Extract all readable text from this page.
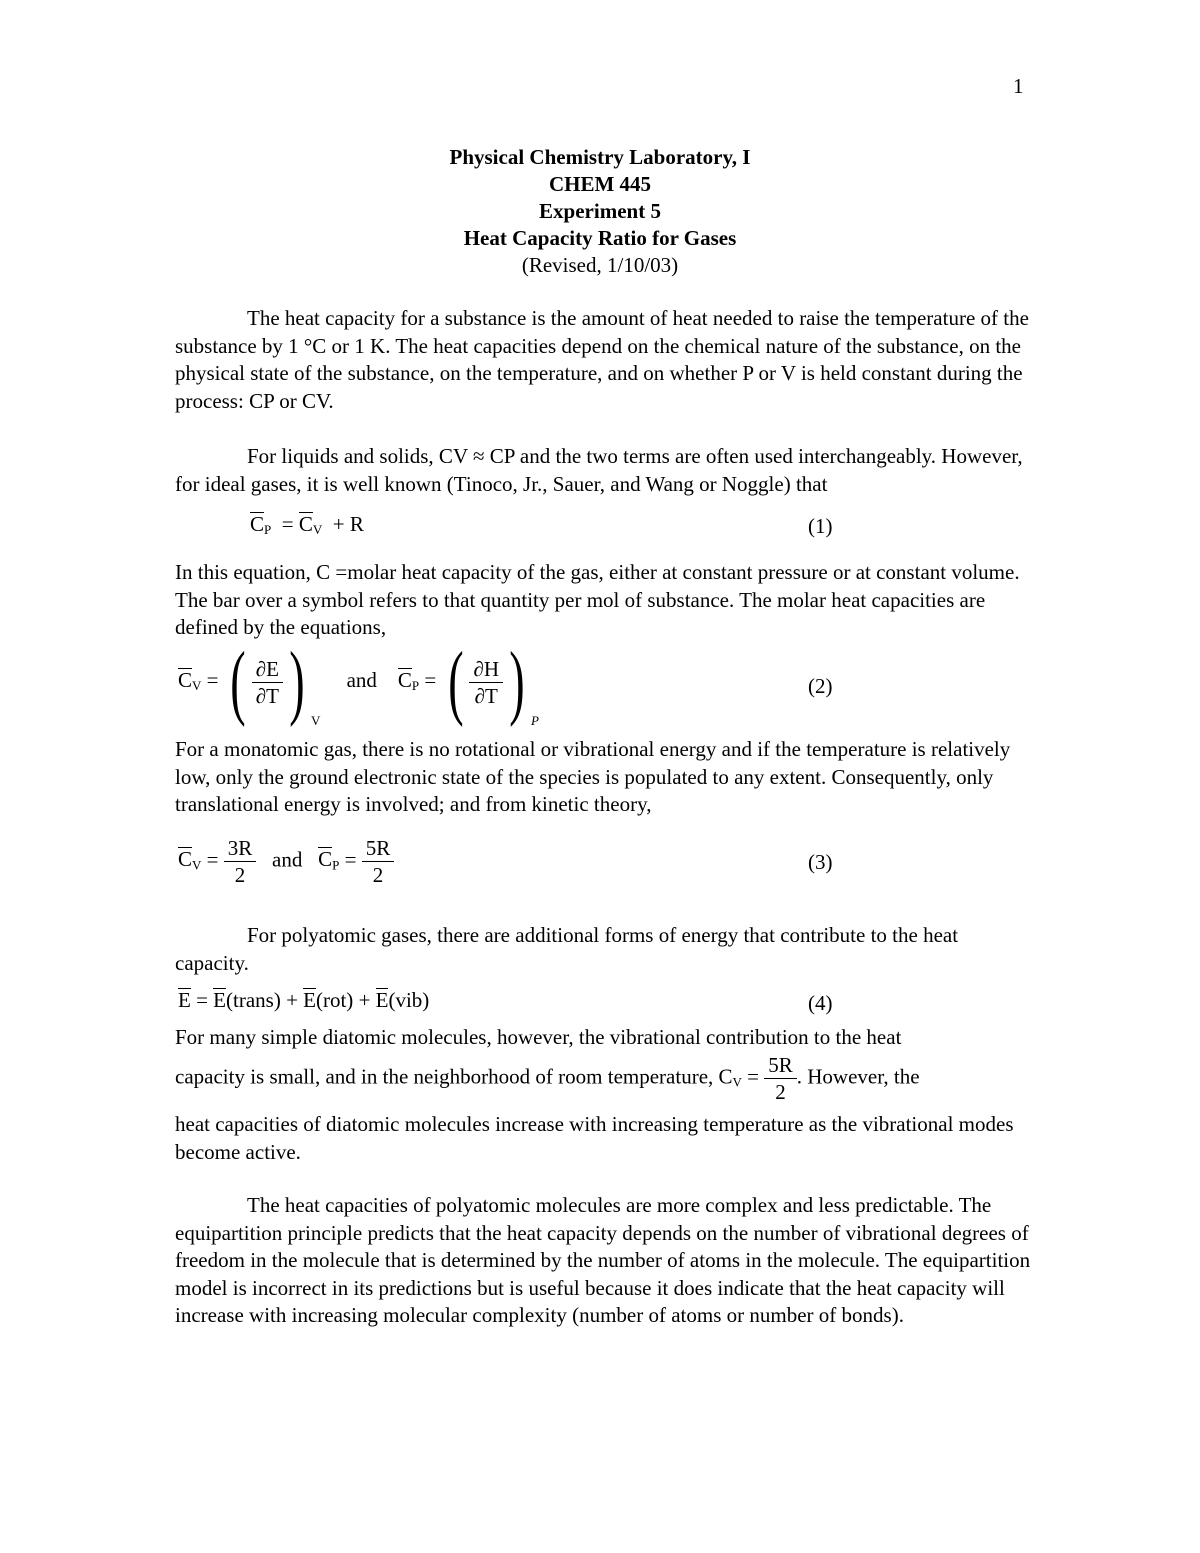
1
Physical Chemistry Laboratory, I
CHEM 445
Experiment 5
Heat Capacity Ratio for Gases
(Revised, 1/10/03)
The heat capacity for a substance is the amount of heat needed to raise the temperature of the substance by 1 °C or 1 K. The heat capacities depend on the chemical nature of the substance, on the physical state of the substance, on the temperature, and on whether P or V is held constant during the process: CP or CV.
For liquids and solids, CV ≈ CP and the two terms are often used interchangeably. However, for ideal gases, it is well known (Tinoco, Jr., Sauer, and Wang or Noggle) that
$C_P = C_V + R$	(1)
In this equation, C =molar heat capacity of the gas, either at constant pressure or at constant volume. The bar over a symbol refers to that quantity per mol of substance. The molar heat capacities are defined by the equations,
$C_V$ = ( $\frac{\partial E}{\partial T}$ ) $_V$     and $C_P$ = ( $\frac{\partial H}{\partial T}$ ) $_P$
(2)
For a monatomic gas, there is no rotational or vibrational energy and if the temperature is relatively low, only the ground electronic state of the species is populated to any extent. Consequently, only translational energy is involved; and from kinetic theory,
$C_V = \frac{3R}{2}$ and $C_P = \frac{5R}{2}$	(3)
For polyatomic gases, there are additional forms of energy that contribute to the heat capacity.
E = E(trans) + E(rot) + E(vib)	(4)
For many simple diatomic molecules, however, the vibrational contribution to the heat
capacity is small, and in the neighborhood of room temperature, $C_V = \frac{5R}{2}$ . However, the
heat capacities of diatomic molecules increase with increasing temperature as the vibrational modes become active.
The heat capacities of polyatomic molecules are more complex and less predictable. The equipartition principle predicts that the heat capacity depends on the number of vibrational degrees of freedom in the molecule that is determined by the number of atoms in the molecule. The equipartition model is incorrect in its predictions but is useful because it does indicate that the heat capacity will increase with increasing molecular complexity (number of atoms or number of bonds).
